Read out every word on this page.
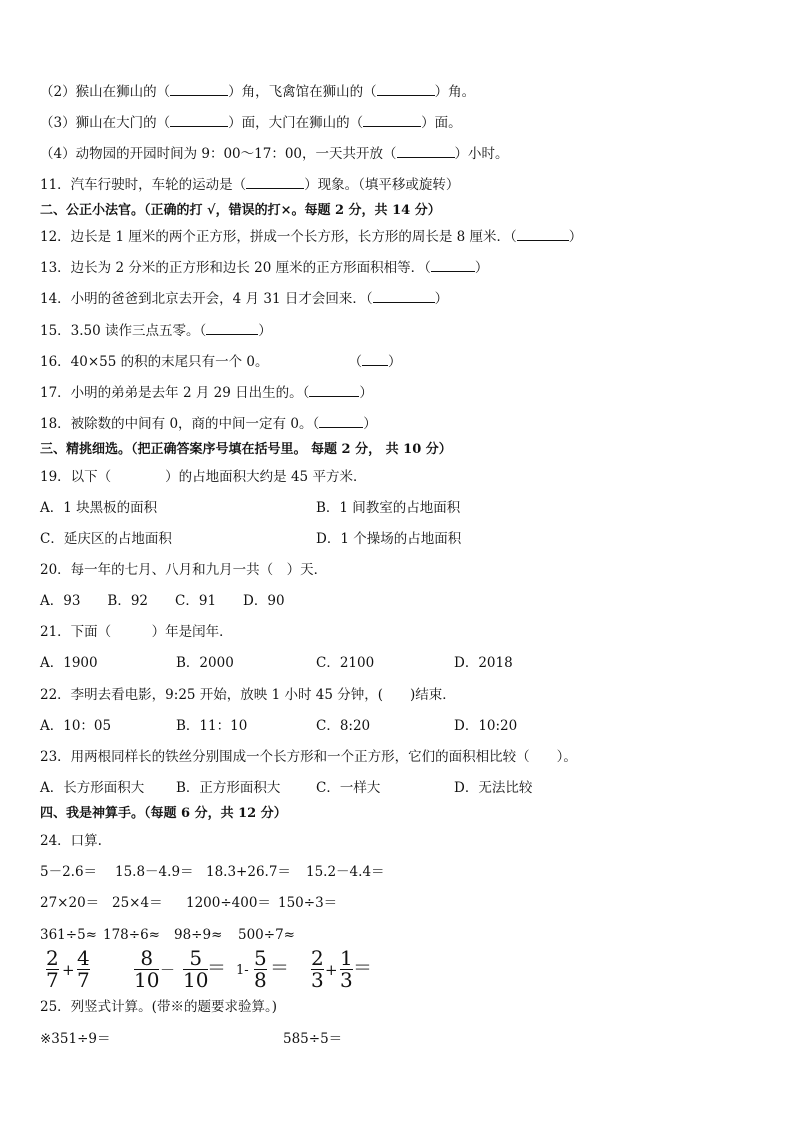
（2）猴山在狮山的（	）角，飞禽馆在狮山的（	）角。
（3）狮山在大门的（	）面，大门在狮山的（	）面。
（4）动物园的开园时间为 9：00～17：00，一天共开放（	）小时。
11．汽车行驶时，车轮的运动是（	）现象。（填平移或旋转）
二、公正小法官。（正确的打 √，错误的打×。每题 2 分，共 14 分）
12．边长是 1 厘米的两个正方形，拼成一个长方形，长方形的周长是 8 厘米．（	）
13．边长为 2 分米的正方形和边长 20 厘米的正方形面积相等．（	）
14．小明的爸爸到北京去开会，4 月 31 日才会回来．（	）
15．3.50 读作三点五零。（	）
16．40×55 的积的末尾只有一个 0。	（ ）
17．小明的弟弟是去年 2 月 29 日出生的。（	）
18．被除数的中间有 0，商的中间一定有 0。（	）
三、精挑细选。（把正确答案序号填在括号里。 每题 2 分， 共 10 分）
19．以下（　　　　）的占地面积大约是 45 平方米．
A．1 块黑板的面积	B．1 间教室的占地面积
C．延庆区的占地面积	D．1 个操场的占地面积
20．每一年的七月、八月和九月一共（　）天．
A．93　　B．92　　C．91　　D．90
21．下面（　　　）年是闰年．
A．1900	B．2000	C．2100	D．2018
22．李明去看电影，9:25 开始，放映 1 小时 45 分钟，(　　)结束．
A．10：05	B．11：10	C．8:20	D．10:20
23．用两根同样长的铁丝分别围成一个长方形和一个正方形，它们的面积相比较（　　）。
A．长方形面积大 B．正方形面积大	C．一样大	D．无法比较
四、我是神算手。（每题 6 分，共 12 分）
24．口算.
5－2.6＝ 15.8－4.9＝ 18.3+26.7＝ 15.2－4.4＝
27×20＝ 25×4＝ 1200÷400＝ 150÷3＝
361÷5≈ 178÷6≈ 98÷9≈ 500÷7≈
2
7 + 4
7
8
10 － 5
10
＝ 1-
5
8 ＝ 2
3 + 1
3 ＝
25．列竖式计算。(带※的题要求验算。)
※351÷9＝	585÷5＝
